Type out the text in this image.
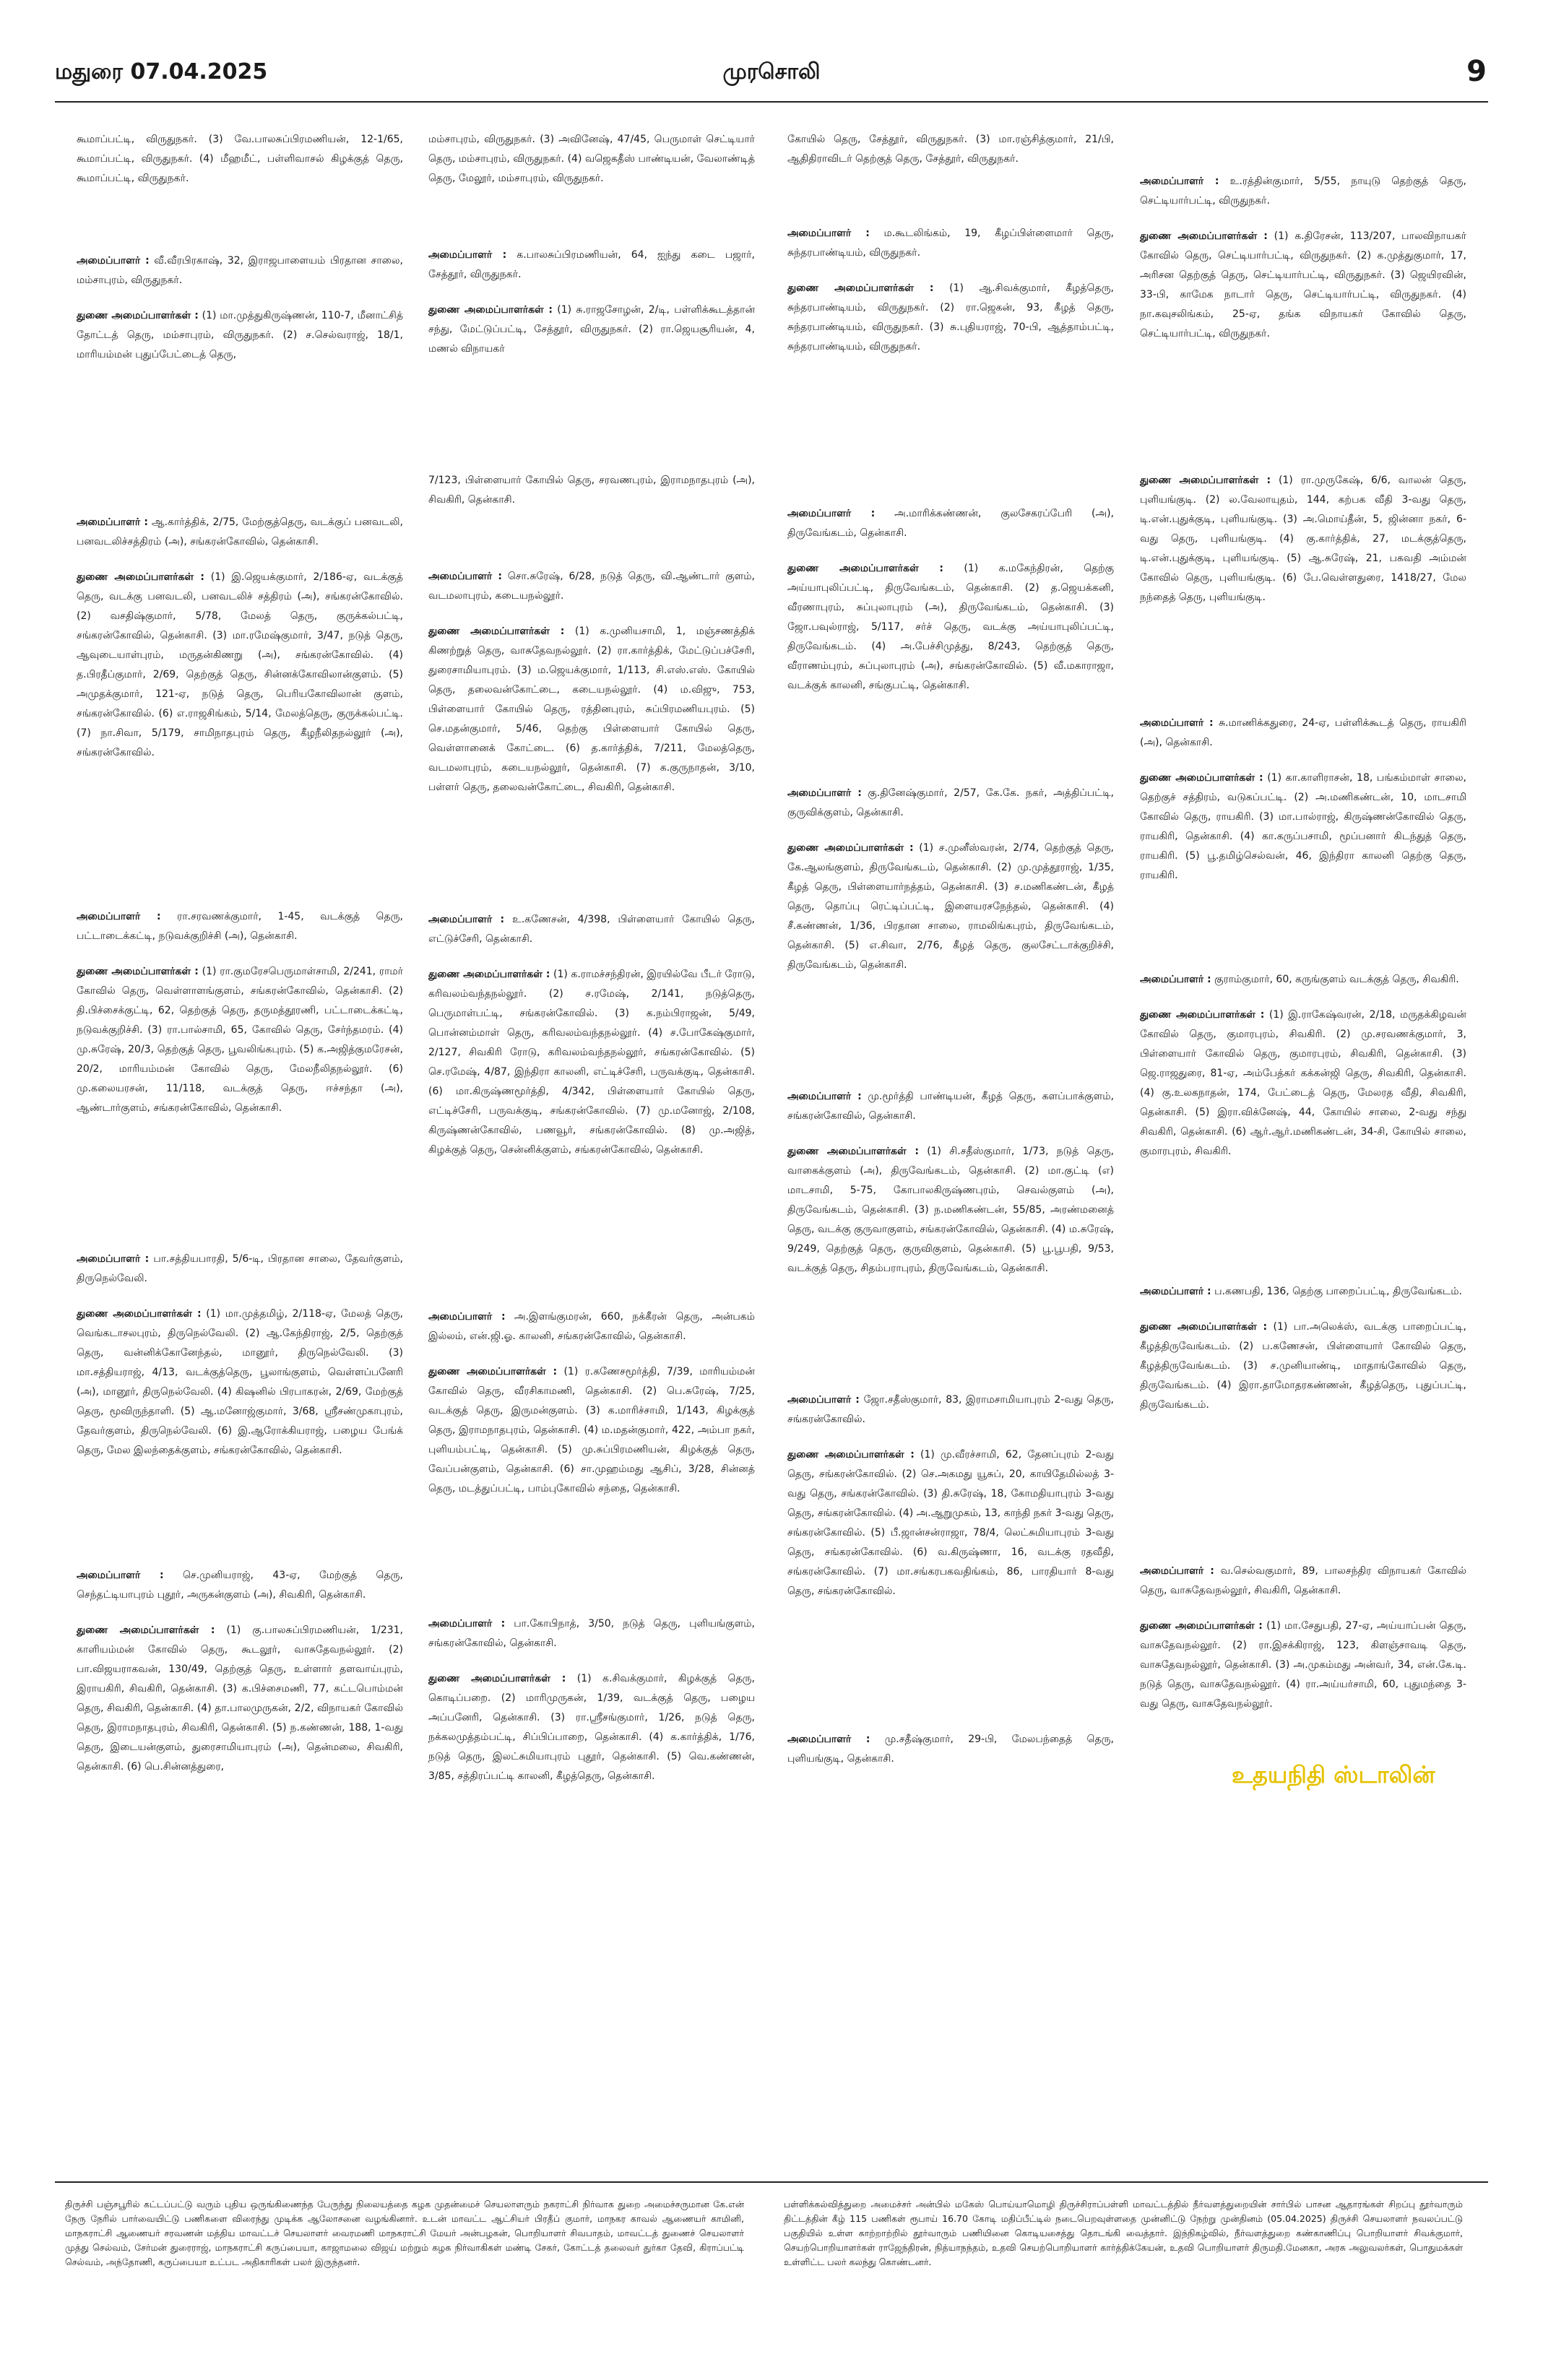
மதுரை 07.04.2025	முரசொலி	9
கூமாப்பட்டி, விருதுநகர். (3) வே.பாலசுப்பிரமணியன், 12-1/65, கூமாப்பட்டி, விருதுநகர். (4) மீஹமீட், பள்ளிவாசல் கிழக்குத் தெரு, கூமாப்பட்டி, விருதுநகர்.
அமைப்பாளர் : வீ.வீரபிரகாஷ், 32, இராஜபாளையம் பிரதான சாலை, மம்சாபுரம், விருதுநகர்.
துணை அமைப்பாளர்கள் : (1) மா.முத்துகிருஷ்ணன், 110-7, மீனாட்சித் தோட்டத் தெரு, மம்சாபுரம், விருதுநகர். (2) ச.செல்வராஜ், 18/1, மாரியம்மன் புதுப்பேட்டைத் தெரு,
அமைப்பாளர் : ஆ.கார்த்திக், 2/75, மேற்குத்தெரு, வடக்குப் பனவடலி, பனவடலிச்சத்திரம் (அ), சங்கரன்கோவில், தென்காசி.
துணை அமைப்பாளர்கள் : (1) இ.ஜெயக்குமார், 2/186-ஏ, வடக்குத் தெரு, வடக்கு பனவடலி, பனவடலிச் சத்திரம் (அ), சங்கரன்கோவில். (2) வசதிஷ்குமார், 5/78, மேலத் தெரு, குருக்கல்பட்டி, சங்கரன்கோவில், தென்காசி. (3) மா.ரமேஷ்குமார், 3/47, நடுத் தெரு, ஆவுடையாள்புரம், மருதன்கிணறு (அ), சங்கரன்கோவில். (4) த.பிரதீப்குமார், 2/69, தெற்குத் தெரு, சின்னக்கோவிலான்குளம். (5) அமுதக்குமார், 121-ஏ, நடுத் தெரு, பெரியகோவிலான் குளம், சங்கரன்கோவில். (6) எ.ராஜசிங்கம், 5/14, மேலத்தெரு, குருக்கல்பட்டி. (7) நா.சிவா, 5/179, சாமிநாதபுரம் தெரு, கீழநீலிதநல்லூர் (அ), சங்கரன்கோவில்.
அமைப்பாளர் : ரா.சரவணக்குமார், 1-45, வடக்குத் தெரு, பட்டாடைக்கட்டி, நடுவக்குறிச்சி (அ), தென்காசி.
துணை அமைப்பாளர்கள் : (1) ரா.குமரேசபெருமாள்சாமி, 2/241, ராமர் கோவில் தெரு, வெள்ளாளங்குளம், சங்கரன்கோவில், தென்காசி. (2) தி.பிச்சைக்குட்டி, 62, தெற்குத் தெரு, தருமத்தூரணி, பட்டாடைக்கட்டி, நடுவக்குறிச்சி. (3) ரா.பால்சாமி, 65, கோவில் தெரு, சேர்ந்தமரம். (4) மு.சுரேஷ், 20/3, தெற்குத் தெரு, பூவலிங்கபுரம். (5) க.அஜித்குமரேசன், 20/2, மாரியம்மன் கோவில் தெரு, மேலநீலிதநல்லூர். (6) மு.கலையரசன், 11/118, வடக்குத் தெரு, ஈச்சந்தா (அ), ஆண்டார்குளம், சங்கரன்கோவில், தென்காசி.
அமைப்பாளர் : பா.சத்தியபாரதி, 5/6-டி, பிரதான சாலை, தேவர்குளம், திருநெல்வேலி.
துணை அமைப்பாளர்கள் : (1) மா.முத்தமிழ், 2/118-ஏ, மேலத் தெரு, வெங்கடாசலபுரம், திருநெல்வேலி. (2) ஆ.கேந்திராஜ், 2/5, தெற்குத் தெரு, வன்னிக்கோனேந்தல், மானூர், திருநெல்வேலி. (3) மா.சத்தியராஜ், 4/13, வடக்குத்தெரு, பூலாங்குளம், வெள்ளப்பனேரி (அ), மானூர், திருநெல்வேலி. (4) கிஷனில் பிரபாகரன், 2/69, மேற்குத் தெரு, மூவிருந்தாளி. (5) ஆ.மனோஜ்குமார், 3/68, ஸ்ரீசண்முகாபுரம், தேவர்குளம், திருநெல்வேலி. (6) இ.ஆரோக்கியராஜ், பழைய பேங்க் தெரு, மேல இலந்தைக்குளம், சங்கரன்கோவில், தென்காசி.
அமைப்பாளர் : செ.முனியராஜ், 43-ஏ, மேற்குத் தெரு, செந்தட்டியாபுரம் புதூர், அருகன்குளம் (அ), சிவகிரி, தென்காசி.
துணை அமைப்பாளர்கள் : (1) கு.பாலசுப்பிரமணியன், 1/231, காளியம்மன் கோவில் தெரு, கூடலூர், வாசுதேவநல்லூர். (2) பா.விஜயராகவன், 130/49, தெற்குத் தெரு, உள்ளார் தளவாய்புரம், இராயகிரி, சிவகிரி, தென்காசி. (3) க.பிச்சைமணி, 77, கட்டபொம்மன் தெரு, சிவகிரி, தென்காசி. (4) தா.பாலமுருகன், 2/2, விநாயகர் கோவில் தெரு, இராமநாதபுரம், சிவகிரி, தென்காசி. (5) ந.கண்ணன், 188, 1-வது தெரு, இடையன்குளம், துரைசாமியாபுரம் (அ), தென்மலை, சிவகிரி, தென்காசி. (6) பெ.சின்னத்துரை,
மம்சாபுரம், விருதுநகர். (3) அவினேஷ், 47/45, பெருமாள் செட்டியார் தெரு, மம்சாபுரம், விருதுநகர். (4) வஜெகதீஸ் பாண்டியன், வேலாண்டித் தெரு, மேலூர், மம்சாபுரம், விருதுநகர்.
அமைப்பாளர் : க.பாலசுப்பிரமணியன், 64, ஐந்து கடை பஜார், சேத்தூர், விருதுநகர்.
துணை அமைப்பாளர்கள் : (1) சு.ராஜசோழன், 2/டி, பள்ளிக்கூடத்தான் சந்து, மேட்டுப்பட்டி, சேத்தூர், விருதுநகர். (2) ரா.ஜெயசூரியன், 4, மணல் விநாயகர்
7/123, பிள்ளையார் கோயில் தெரு, சரவணபுரம், இராமநாதபுரம் (அ), சிவகிரி, தென்காசி.
அமைப்பாளர் : சொ.சுரேஷ், 6/28, நடுத் தெரு, வி.ஆண்டார் குளம், வடமலாபுரம், கடையநல்லூர்.
துணை அமைப்பாளர்கள் : (1) க.முனியசாமி, 1, மஞ்சணத்திக் கிணற்றுத் தெரு, வாசுதேவநல்லூர். (2) ரா.கார்த்திக், மேட்டுப்பச்சேரி, துரைசாமியாபுரம். (3) ம.ஜெயக்குமார், 1/113, சி.எஸ்.எஸ். கோயில் தெரு, தலைவன்கோட்டை, கடையநல்லூர். (4) ம.விஜு, 753, பிள்ளையார் கோயில் தெரு, ரத்தினபுரம், சுப்பிரமணியபுரம். (5) செ.மதன்குமார், 5/46, தெற்கு பிள்ளையார் கோயில் தெரு, வெள்ளானைக் கோட்டை. (6) த.கார்த்திக், 7/211, மேலத்தெரு, வடமலாபுரம், கடையநல்லூர், தென்காசி. (7) க.குருநாதன், 3/10, பள்ளர் தெரு, தலைவன்கோட்டை, சிவகிரி, தென்காசி.
அமைப்பாளர் : உ.கணேசன், 4/398, பிள்ளையார் கோயில் தெரு, எட்டுச்சேரி, தென்காசி.
துணை அமைப்பாளர்கள் : (1) க.ராமச்சந்திரன், இரயில்வே பீடர் ரோடு, கரிவலம்வந்தநல்லூர். (2) ச.ரமேஷ், 2/141, நடுத்தெரு, பெருமாள்பட்டி, சங்கரன்கோவில். (3) க.நம்பிராஜன், 5/49, பொன்னம்மாள் தெரு, கரிவலம்வந்தநல்லூர். (4) ச.போகேஷ்குமார், 2/127, சிவகிரி ரோடு, கரிவலம்வந்தநல்லூர், சங்கரன்கோவில். (5) செ.ரமேஷ், 4/87, இந்திரா காலனி, எட்டிச்சேரி, பருவக்குடி, தென்காசி. (6) மா.கிருஷ்ணமூர்த்தி, 4/342, பிள்ளையார் கோயில் தெரு, எட்டிச்சேரி, பருவக்குடி, சங்கரன்கோவில். (7) மு.மனோஜ், 2/108, கிருஷ்ணன்கோவில், பணவூர், சங்கரன்கோவில். (8) மு.அஜித், கிழக்குத் தெரு, சென்னிக்குளம், சங்கரன்கோவில், தென்காசி.
அமைப்பாளர் : அ.இளங்குமரன், 660, நக்கீரன் தெரு, அன்பகம் இல்லம், என்.ஜி.ஓ. காலனி, சங்கரன்கோவில், தென்காசி.
துணை அமைப்பாளர்கள் : (1) ர.கணேசமூர்த்தி, 7/39, மாரியம்மன் கோவில் தெரு, வீரசிகாமணி, தென்காசி. (2) பெ.சுரேஷ், 7/25, வடக்குத் தெரு, இருமன்குளம். (3) க.மாரிச்சாமி, 1/143, கிழக்குத் தெரு, இராமநாதபுரம், தென்காசி. (4) ம.மதன்குமார், 422, அம்பா நகர், புளியம்பட்டி, தென்காசி. (5) மு.சுப்பிரமணியன், கிழக்குத் தெரு, வேப்பன்குளம், தென்காசி. (6) சா.முஹம்மது ஆசிப், 3/28, சின்னத் தெரு, மடத்துப்பட்டி, பாம்புகோவில் சந்தை, தென்காசி.
அமைப்பாளர் : பா.கோபிநாத், 3/50, நடுத் தெரு, புளியங்குளம், சங்கரன்கோவில், தென்காசி.
துணை அமைப்பாளர்கள் : (1) க.சிவக்குமார், கிழக்குத் தெரு, கொடிப்பறை. (2) மாரிமுருகன், 1/39, வடக்குத் தெரு, பழைய அப்பனேரி, தென்காசி. (3) ரா.ஸ்ரீசங்குமார், 1/26, நடுத் தெரு, நக்கலமுத்தம்பட்டி, சிப்பிப்பாறை, தென்காசி. (4) க.கார்த்திக், 1/76, நடுத் தெரு, இலட்சுமியாபுரம் புதூர், தென்காசி. (5) வெ.கண்ணன், 3/85, சத்திரப்பட்டி காலனி, கீழத்தெரு, தென்காசி.
கோயில் தெரு, சேத்தூர், விருதுநகர். (3) மா.ரஞ்சித்குமார், 21/பி, ஆதிதிராவிடர் தெற்குத் தெரு, சேத்தூர், விருதுநகர்.
அமைப்பாளர் : ம.கூடலிங்கம், 19, கீழப்பிள்ளைமார் தெரு, சுந்தரபாண்டியம், விருதுநகர்.
துணை அமைப்பாளர்கள் : (1) ஆ.சிவக்குமார், கீழத்தெரு, சுந்தரபாண்டியம், விருதுநகர். (2) ரா.ஜெகன், 93, கீழத் தெரு, சுந்தரபாண்டியம், விருதுநகர். (3) சு.புதியராஜ், 70-பி, ஆத்தாம்பட்டி, சுந்தரபாண்டியம், விருதுநகர்.
அமைப்பாளர் : அ.மாரிக்கண்ணன், குலசேகரப்பேரி (அ), திருவேங்கடம், தென்காசி.
துணை அமைப்பாளர்கள் : (1) க.மகேந்திரன், தெற்கு அய்யாபுலிப்பட்டி, திருவேங்கடம், தென்காசி. (2) த.ஜெயக்கனி, வீரணாபுரம், சுப்புலாபுரம் (அ), திருவேங்கடம், தென்காசி. (3) ஜோ.பவுல்ராஜ், 5/117, சர்ச் தெரு, வடக்கு அய்யாபுலிப்பட்டி, திருவேங்கடம். (4) அ.பேச்சிமுத்து, 8/243, தெற்குத் தெரு, வீராணம்புரம், சுப்புலாபுரம் (அ), சங்கரன்கோவில். (5) வீ.மகாராஜா, வடக்குக் காலனி, சங்குபட்டி, தென்காசி.
அமைப்பாளர் : கு.தினேஷ்குமார், 2/57, கே.கே. நகர், அத்திப்பட்டி, குருவிக்குளம், தென்காசி.
துணை அமைப்பாளர்கள் : (1) ச.முனீஸ்வரன், 2/74, தெற்குத் தெரு, கே.ஆலங்குளம், திருவேங்கடம், தென்காசி. (2) மு.முத்தூராஜ், 1/35, கீழத் தெரு, பிள்ளையார்நத்தம், தென்காசி. (3) ச.மணிகண்டன், கீழத் தெரு, தொப்பு ரெட்டிப்பட்டி, இளையரசநேந்தல், தென்காசி. (4) சீ.கண்ணன், 1/36, பிரதான சாலை, ராமலிங்கபுரம், திருவேங்கடம், தென்காசி. (5) எ.சிவா, 2/76, கீழத் தெரு, குலசேட்டாக்குறிச்சி, திருவேங்கடம், தென்காசி.
அமைப்பாளர் : மு.மூர்த்தி பாண்டியன், கீழத் தெரு, களப்பாக்குளம், சங்கரன்கோவில், தென்காசி.
துணை அமைப்பாளர்கள் : (1) சி.சதீஸ்குமார், 1/73, நடுத் தெரு, வாகைக்குளம் (அ), திருவேங்கடம், தென்காசி. (2) மா.குட்டி (எ) மாடசாமி, 5-75, கோபாலகிருஷ்ணபுரம், செவல்குளம் (அ), திருவேங்கடம், தென்காசி. (3) ந.மணிகண்டன், 55/85, அரண்மனைத் தெரு, வடக்கு குருவாகுளம், சங்கரன்கோவில், தென்காசி. (4) ம.சுரேஷ், 9/249, தெற்குத் தெரு, குருவிகுளம், தென்காசி. (5) பூ.பூபதி, 9/53, வடக்குத் தெரு, சிதம்பராபுரம், திருவேங்கடம், தென்காசி.
அமைப்பாளர் : ஜோ.சதீஸ்குமார், 83, இராமசாமியாபுரம் 2-வது தெரு, சங்கரன்கோவில்.
துணை அமைப்பாளர்கள் : (1) மு.வீரச்சாமி, 62, தேனப்புரம் 2-வது தெரு, சங்கரன்கோவில். (2) செ.அகமது யூசுப், 20, காயிதேமில்லத் 3-வது தெரு, சங்கரன்கோவில். (3) தி.சுரேஷ், 18, கோமதியாபுரம் 3-வது தெரு, சங்கரன்கோவில். (4) அ.ஆறுமுகம், 13, காந்தி நகர் 3-வது தெரு, சங்கரன்கோவில். (5) பீ.ஜான்சன்ராஜா, 78/4, லெட்சுமியாபுரம் 3-வது தெரு, சங்கரன்கோவில். (6) வ.கிருஷ்ணா, 16, வடக்கு ரதவீதி, சங்கரன்கோவில். (7) மா.சங்கரபகவதிங்கம், 86, பாரதியார் 8-வது தெரு, சங்கரன்கோவில்.
அமைப்பாளர் : மு.சதீஷ்குமார், 29-பி, மேலபந்தைத் தெரு, புளியங்குடி, தென்காசி.
அமைப்பாளர் : உ.ரத்தின்குமார், 5/55, நாயுடு தெற்குத் தெரு, செட்டியார்பட்டி, விருதுநகர்.
துணை அமைப்பாளர்கள் : (1) க.திரேசன், 113/207, பாலவிநாயகர் கோவில் தெரு, செட்டியார்பட்டி, விருதுநகர். (2) க.முத்துகுமார், 17, அரிசன தெற்குத் தெரு, செட்டியார்பட்டி, விருதுநகர். (3) ஜெயிரவின், 33-பி, காமேக நாடார் தெரு, செட்டியார்பட்டி, விருதுநகர். (4) நா.கவுசலிங்கம், 25-ஏ, தங்க விநாயகர் கோவில் தெரு, செட்டியார்பட்டி, விருதுநகர்.
துணை அமைப்பாளர்கள் : (1) ரா.முருகேஷ், 6/6, வாலன் தெரு, புளியங்குடி. (2) ல.வேலாயுதம், 144, கற்பக வீதி 3-வது தெரு, டி.என்.புதுக்குடி, புளியங்குடி. (3) அ.மொய்தீன், 5, ஜின்னா நகர், 6-வது தெரு, புளியங்குடி. (4) கு.கார்த்திக், 27, மடக்குத்தெரு, டி.என்.புதுக்குடி, புளியங்குடி. (5) ஆ.சுரேஷ், 21, பகவதி அம்மன் கோவில் தெரு, புளியங்குடி. (6) பே.வெள்ளதுரை, 1418/27, மேல நந்தைத் தெரு, புளியங்குடி.
அமைப்பாளர் : சு.மாணிக்கதுரை, 24-ஏ, பள்ளிக்கூடத் தெரு, ராயகிரி (அ), தென்காசி.
துணை அமைப்பாளர்கள் : (1) கா.காளிராசன், 18, பங்கம்மாள் சாலை, தெற்குச் சத்திரம், வடுகப்பட்டி. (2) அ.மணிகண்டன், 10, மாடசாமி கோவில் தெரு, ராயகிரி. (3) மா.பால்ராஜ், கிருஷ்ணன்கோவில் தெரு, ராயகிரி, தென்காசி. (4) கா.கருப்பசாமி, மூப்பனார் கிடந்துத் தெரு, ராயகிரி. (5) பூ.தமிழ்செல்வன், 46, இந்திரா காலனி தெற்கு தெரு, ராயகிரி.
அமைப்பாளர் : குராம்குமார், 60, கருங்குளம் வடக்குத் தெரு, சிவகிரி.
துணை அமைப்பாளர்கள் : (1) இ.ராகேஷ்வரன், 2/18, மருதக்கிழவன் கோவில் தெரு, குமாரபுரம், சிவகிரி. (2) மு.சரவணக்குமார், 3, பிள்ளையார் கோவில் தெரு, குமாரபுரம், சிவகிரி, தென்காசி. (3) ஜெ.ராஜதுரை, 81-ஏ, அம்பேத்கர் கக்கன்ஜி தெரு, சிவகிரி, தென்காசி. (4) கு.உலகநாதன், 174, பேட்டைத் தெரு, மேலரத வீதி, சிவகிரி, தென்காசி. (5) இரா.விக்னேஷ், 44, கோயில் சாலை, 2-வது சந்து சிவகிரி, தென்காசி. (6) ஆர்.ஆர்.மணிகண்டன், 34-சி, கோயில் சாலை, குமாரபுரம், சிவகிரி.
அமைப்பாளர் : ப.கணபதி, 136, தெற்கு பாறைப்பட்டி, திருவேங்கடம்.
துணை அமைப்பாளர்கள் : (1) பா.அலெக்ஸ், வடக்கு பாறைப்பட்டி, கீழத்திருவேங்கடம். (2) ப.கணேசன், பிள்ளையார் கோவில் தெரு, கீழத்திருவேங்கடம். (3) ச.முனியாண்டி, மாதாங்கோவில் தெரு, திருவேங்கடம். (4) இரா.தாமோதரகண்ணன், கீழத்தெரு, புதுப்பட்டி, திருவேங்கடம்.
அமைப்பாளர் : வ.செல்வகுமார், 89, பாலசந்திர விநாயகர் கோவில் தெரு, வாசுதேவநல்லூர், சிவகிரி, தென்காசி.
துணை அமைப்பாளர்கள் : (1) மா.சேதுபதி, 27-ஏ, அய்யாப்பன் தெரு, வாசுதேவநல்லூர். (2) ரா.இசக்கிராஜ், 123, கிளஞ்சாவடி தெரு, வாசுதேவநல்லூர், தென்காசி. (3) அ.முகம்மது அன்வர், 34, என்.கே.டி. நடுத் தெரு, வாசுதேவநல்லூர். (4) ரா.அய்யர்சாமி, 60, புதுமந்தை 3-வது தெரு, வாசுதேவநல்லூர்.
உதயநிதி ஸ்டாலின்
திருச்சி பஞ்சபூரில் கட்டப்பட்டு வரும் புதிய ஒருங்கிணைந்த பேருந்து நிலையத்தை கழக முதன்மைச் செயலாளரும் நகராட்சி நிர்வாக துறை அமைச்சருமான கே.என் நேரு நேரில் பார்வையிட்டு பணிகளை விரைந்து முடிக்க ஆலோசனை வழங்கினார். உடன் மாவட்ட ஆட்சியர் பிரதீப் குமார், மாநகர காவல் ஆணையர் காமினி, மாநகராட்சி ஆணையர் சரவணன் மத்திய மாவட்டச் செயலாளர் வைரமணி மாநகராட்சி மேயர் அன்பழகன், பொறியாளர் சிவபாதம், மாவட்டத் துணைச் செயலாளர் முத்து செல்வம், சேர்மன் துரைராஜ், மாநகராட்சி கருப்பையா, காஜாமலை விஜய் மற்றும் கழக நிர்வாகிகள் மண்டி சேகர், கோட்டத் தலைவர் துர்கா தேவி, கிராப்பட்டி செல்வம், அந்தோணி, கருப்பையா உட்பட அதிகாரிகள் பலர் இருந்தனர்.
பள்ளிக்கல்வித்துறை அமைச்சர் அன்பில் மகேஸ் பொய்யாமொழி திருச்சிராப்பள்ளி மாவட்டத்தில் நீர்வளத்துறையின் சார்பில் பாசன ஆதாரங்கள் சிறப்பு தூர்வாரும் திட்டத்தின் கீழ் 115 பணிகள் ரூபாய் 16.70 கோடி மதிப்பீட்டில் நடைபெறவுள்ளதை முன்னிட்டு நேற்று முன்தினம் (05.04.2025) திருச்சி செயலாளர் நவலப்பட்டு பகுதியில் உள்ள காற்றாற்றில் தூர்வாரும் பணியினை கொடியசைத்து தொடங்கி வைத்தார். இந்நிகழ்வில், நீர்வளத்துறை கண்காணிப்பு பொறியாளர் சிவக்குமார், செயற்பொறியாளர்கள் ராஜேந்திரன், நித்யாநந்தம், உதவி செயற்பொறியாளர் கார்த்திக்கேயன், உதவி பொறியாளர் திருமதி.மேனகா, அரசு அலுவலர்கள், பொதுமக்கள் உள்ளிட்ட பலர் கலந்து கொண்டனர்.
